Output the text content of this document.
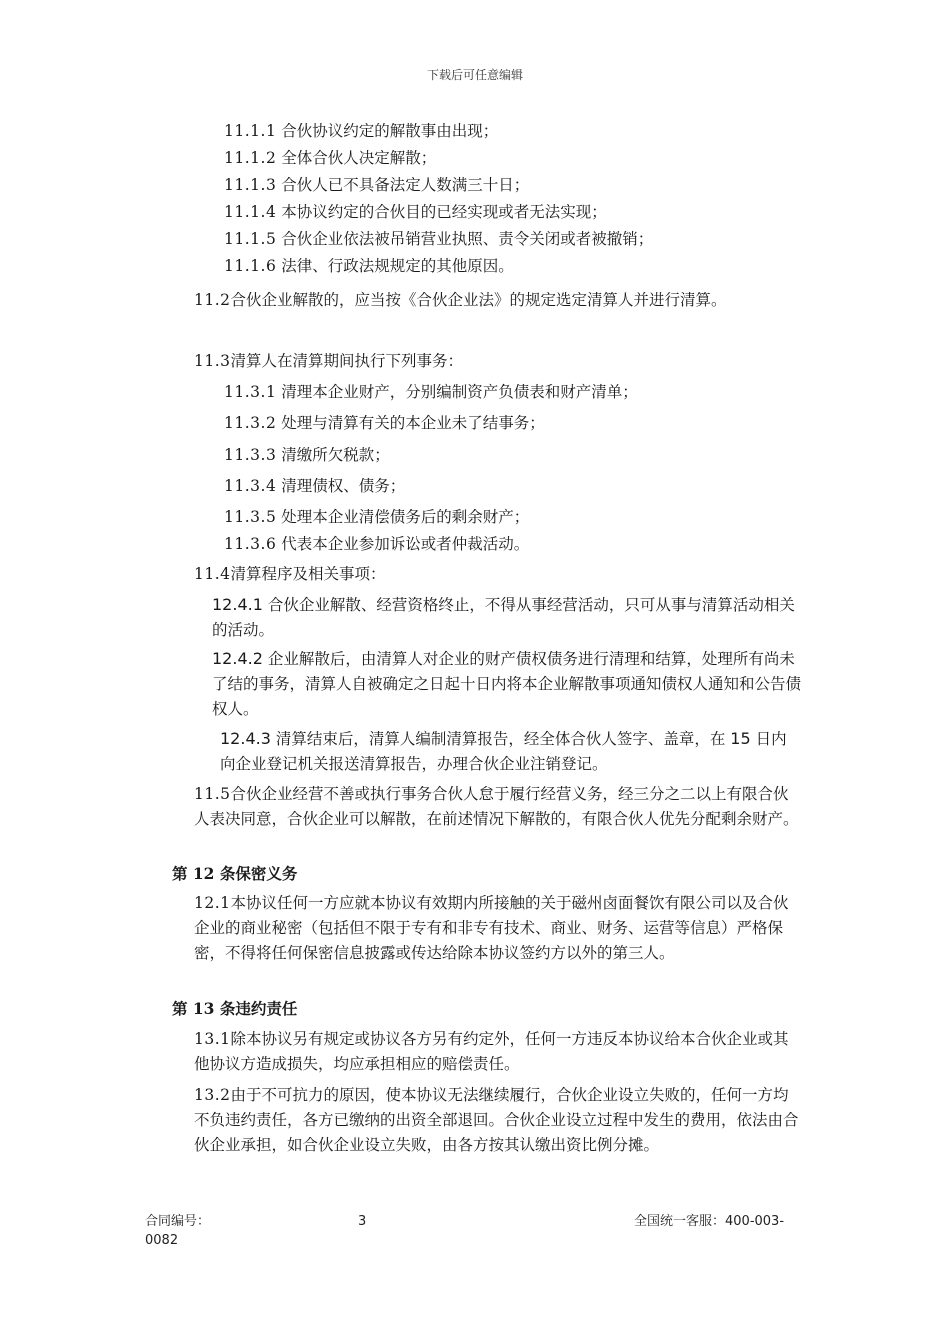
下载后可任意编辑
11.1.1 合伙协议约定的解散事由出现；
11.1.2 全体合伙人决定解散；
11.1.3 合伙人已不具备法定人数满三十日；
11.1.4 本协议约定的合伙目的已经实现或者无法实现；
11.1.5 合伙企业依法被吊销营业执照、责令关闭或者被撤销；
11.1.6 法律、行政法规规定的其他原因。
11.2合伙企业解散的，应当按《合伙企业法》的规定选定清算人并进行清算。
11.3清算人在清算期间执行下列事务：
11.3.1 清理本企业财产，分别编制资产负债表和财产清单；
11.3.2 处理与清算有关的本企业未了结事务；
11.3.3 清缴所欠税款；
11.3.4 清理债权、债务；
11.3.5 处理本企业清偿债务后的剩余财产；
11.3.6 代表本企业参加诉讼或者仲裁活动。
11.4清算程序及相关事项：
12.4.1 合伙企业解散、经营资格终止，不得从事经营活动，只可从事与清算活动相关的活动。
12.4.2 企业解散后，由清算人对企业的财产债权债务进行清理和结算，处理所有尚未了结的事务，清算人自被确定之日起十日内将本企业解散事项通知债权人通知和公告债权人。
12.4.3 清算结束后，清算人编制清算报告，经全体合伙人签字、盖章，在 15 日内向企业登记机关报送清算报告，办理合伙企业注销登记。
11.5合伙企业经营不善或执行事务合伙人怠于履行经营义务，经三分之二以上有限合伙人表决同意，合伙企业可以解散，在前述情况下解散的，有限合伙人优先分配剩余财产。
第 12 条保密义务
12.1本协议任何一方应就本协议有效期内所接触的关于磁州卤面餐饮有限公司以及合伙企业的商业秘密（包括但不限于专有和非专有技术、商业、财务、运营等信息）严格保密，不得将任何保密信息披露或传达给除本协议签约方以外的第三人。
第 13 条违约责任
13.1除本协议另有规定或协议各方另有约定外，任何一方违反本协议给本合伙企业或其他协议方造成损失，均应承担相应的赔偿责任。
13.2由于不可抗力的原因，使本协议无法继续履行，合伙企业设立失败的，任何一方均不负违约责任，各方已缴纳的出资全部退回。合伙企业设立过程中发生的费用，依法由合伙企业承担，如合伙企业设立失败，由各方按其认缴出资比例分摊。
合同编号：
0082
3	全国统一客服：400-003-
